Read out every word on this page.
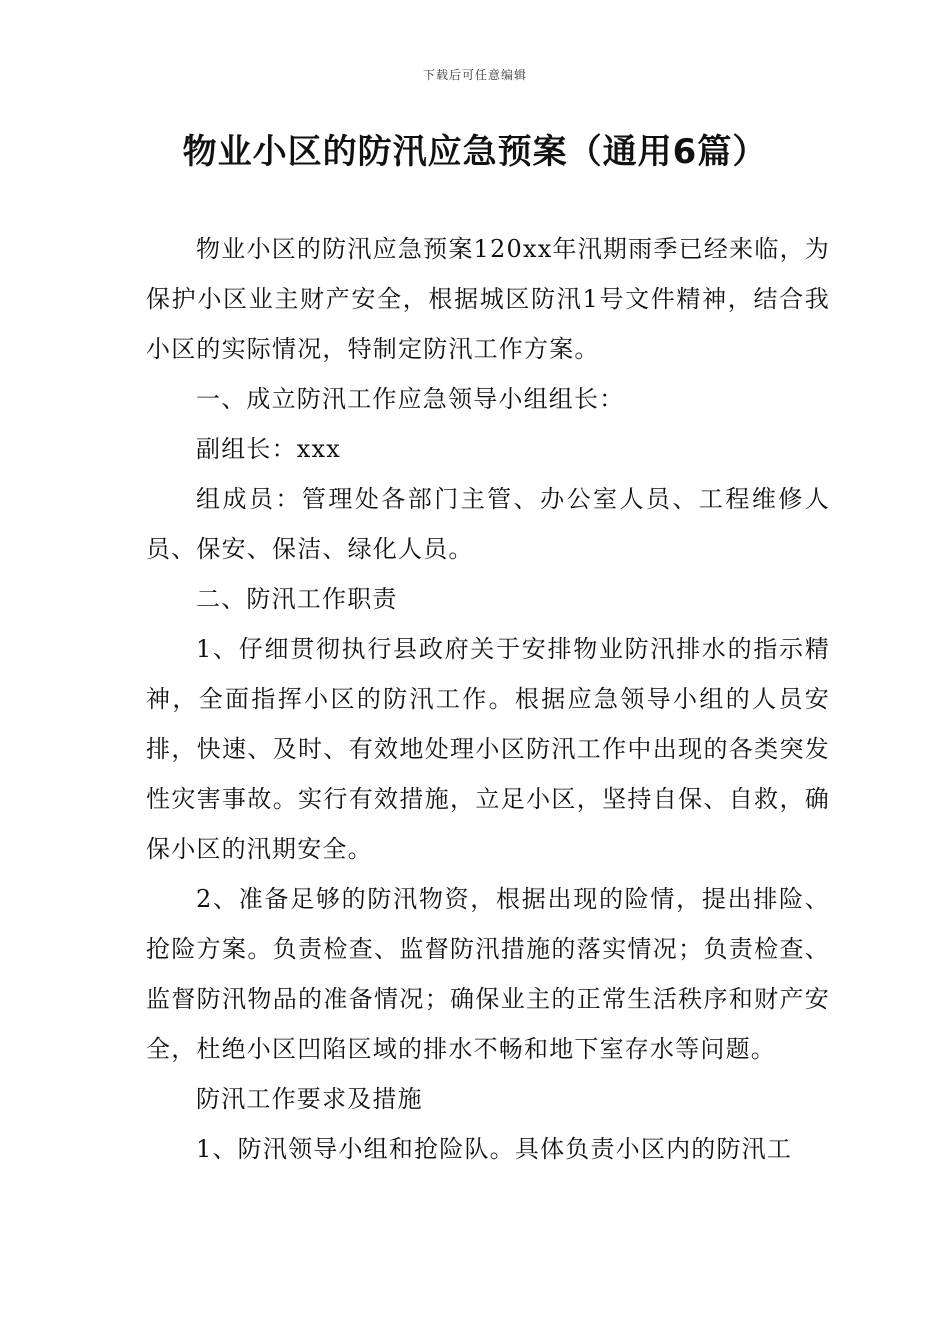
下载后可任意编辑
物业小区的防汛应急预案（通用6篇）

物业小区的防汛应急预案120xx年汛期雨季已经来临，为保护小区业主财产安全，根据城区防汛1号文件精神，结合我小区的实际情况，特制定防汛工作方案。

一、成立防汛工作应急领导小组组长：

副组长：xxx

组成员：管理处各部门主管、办公室人员、工程维修人员、保安、保洁、绿化人员。

二、防汛工作职责

1、仔细贯彻执行县政府关于安排物业防汛排水的指示精神，全面指挥小区的防汛工作。根据应急领导小组的人员安排，快速、及时、有效地处理小区防汛工作中出现的各类突发性灾害事故。实行有效措施，立足小区，坚持自保、自救，确保小区的汛期安全。

2、准备足够的防汛物资，根据出现的险情，提出排险、抢险方案。负责检查、监督防汛措施的落实情况；负责检查、监督防汛物品的准备情况；确保业主的正常生活秩序和财产安全，杜绝小区凹陷区域的排水不畅和地下室存水等问题。

防汛工作要求及措施

1、防汛领导小组和抢险队。具体负责小区内的防汛工
